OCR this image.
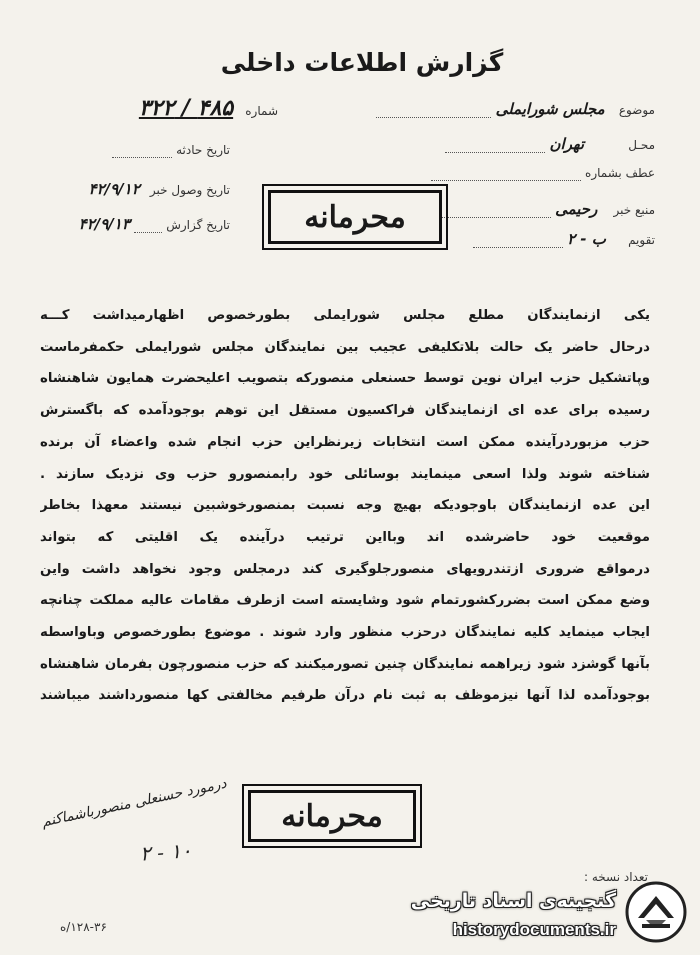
گزارش اطلاعات داخلی
موضوع مجلس شورایملی
محـل تهران
عطف بشماره
منبع خبر رحیمی
تقویم ب - ۲
شماره ۴۸۵ / ۳۲۲
تاریخ حادثه
تاریخ وصول خبر ۴۲/۹/۱۲
تاریخ گزارش  ۴۲/۹/۱۳	محرمانه
یکی ازنمایندگان مطلع مجلس شورایملی بطورخصوص اظهارمیداشت کـــه
درحال حاضر یک حالت بلاتکلیفی عجیب بین نمایندگان مجلس شورایملی حکمفرماست
وپاتشکیل حزب ایران نوین توسط حسنعلی منصورکه بتصویب اعلیحضرت همایون شاهنشاه
رسیده برای عده ای ازنمایندگان فراکسیون مستقل این توهم بوجودآمده که باگسترش
حزب مزبوردرآینده ممکن است انتخابات زیرنظراین حزب انجام شده واعضاء آن برنده
شناخته شوند ولذا اسعی مینمایند بوسائلی خود رابمنصورو حزب وی نزدیک سازند .
این عده ازنمایندگان باوجودیکه بهیچ وجه نسبت بمنصورخوشبین نیستند معهذا بخاطر
موقعیت خود حاضرشده اند وبااین ترتیب درآینده یک اقلیتی که بتواند
درمواقع ضروری ازتندرویهای منصورجلوگیری کند درمجلس وجود نخواهد داشت واین
وضع ممکن است بضررکشورتمام شود وشایسته است ازطرف مقامات عالیه مملکت چنانچه
ایجاب مینماید کلیه نمایندگان درحزب منظور وارد شوند . موضوع بطورخصوص وباواسطه
بآنها گوشزد شود زیراهمه نمایندگان چنین تصورمیکنند که حزب منصورچون بفرمان شاهنشاه
بوجودآمده لذا آنها نیزموظف به ثبت نام درآن طرفیم مخالفتی کها منصورداشند میباشند
درمورد حسنعلی منصورباشماکنم
۲ - ۱۰
محرمانه
تعداد نسخه :
۱۲۸-۳۶/ه
گنجینه‌ی اسناد تاریخی
historydocuments.ir
